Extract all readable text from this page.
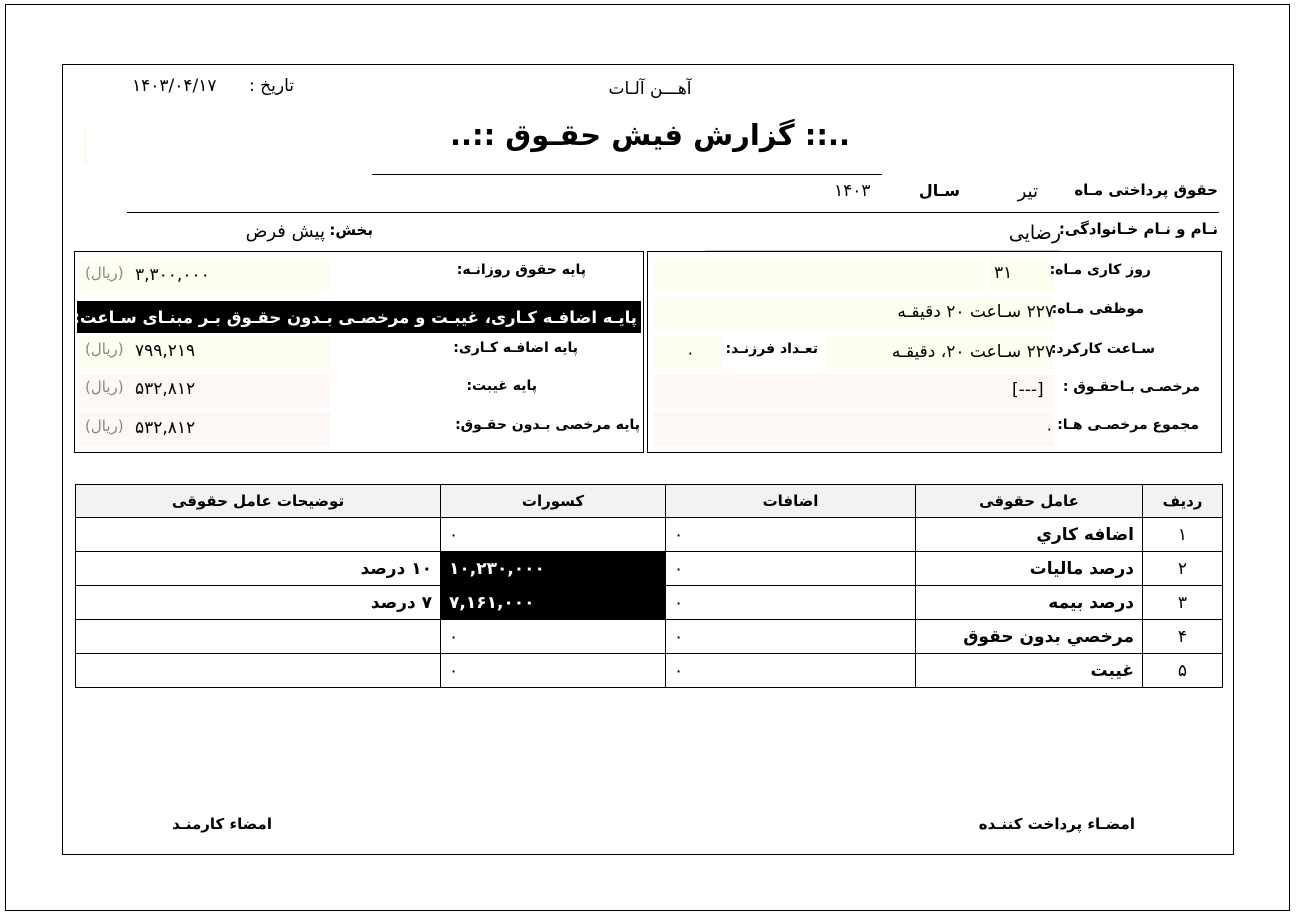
۱۴۰۳/۰۴/۱۷ تاریخ :	آهـــن آلـات
..:: گزارش فیش حقـوق ::..
حقوق پرداختی مـاه
تیر
سـال
۱۴۰۳
نـام و نـام خـانوادگی:
رضایی
بخش:
پیش فرض
پایه حقوق روزانـه:
۳,۳۰۰,۰۰۰
(ریال)
پایـه اضافـه کـاری، غیبـت و مرخصـی بـدون حقـوق بـر مبنـای سـاعت:
پایه اضافـه کـاری:
۷۹۹,۲۱۹
(ریال)
پایه غیبت:
۵۳۲,۸۱۲
(ریال)
پایه مرخصی بـدون حقـوق:
۵۳۲,۸۱۲
(ریال)
روز کاری مـاه:
۳۱
موظفی مـاه:
۲۲۷ سـاعت ۲۰ دقیقـه
سـاعت کارکرد:
۲۲۷ سـاعت ۲۰، دقیقـه
تعـداد فرزنـد:
۰
مرخصـی بـاحقـوق :
[---]
مجموع مرخصـی هـا:
۰
ردیف	عامل حقوقی	اضافات	کسورات	توضیحات عامل حقوقی
۱	اضافه كاري	۰	۰	
۲	درصد ماليات	۰	۱۰,۲۳۰,۰۰۰	۱۰ درصد
۳	درصد بيمه	۰	۷,۱۶۱,۰۰۰	۷ درصد
۴	مرخصي بدون حقوق	۰	۰	
۵	غيبت	۰	۰	
امضـاء پرداخت کننـده
امضاء کارمنـد
